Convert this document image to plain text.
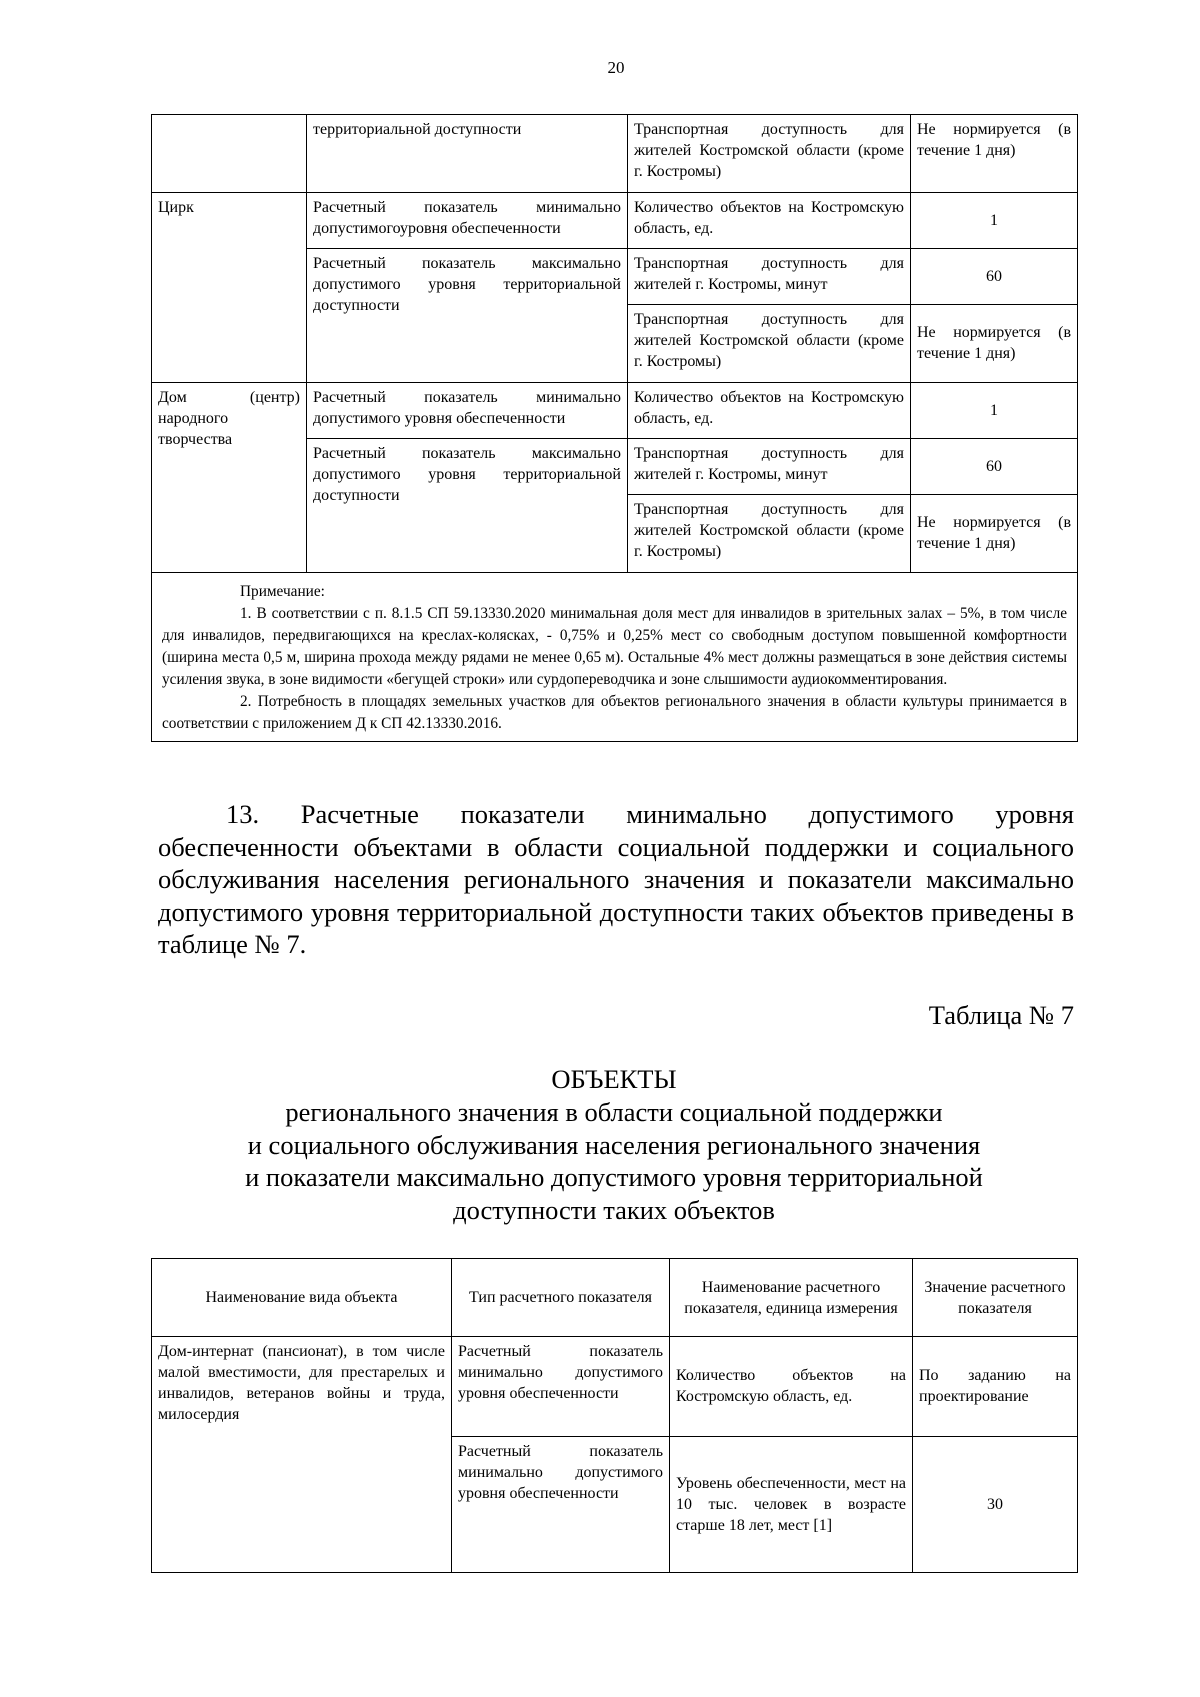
20
	территориальной доступности	Транспортная доступность для жителей Костромской области (кроме г. Костромы)	Не нормируется (в течение 1 дня)
Цирк	Расчетный показатель минимально допустимогоуровня обеспеченности	Количество объектов на Костромскую область, ед.	1
	Расчетный показатель максимально допустимого уровня территориальной доступности	Транспортная доступность для жителей г. Костромы, минут	60
		Транспортная доступность для жителей Костромской области (кроме г. Костромы)	Не нормируется (в течение 1 дня)
Дом (центр) народного творчества	Расчетный показатель минимально допустимого уровня обеспеченности	Количество объектов на Костромскую область, ед.	1
	Расчетный показатель максимально допустимого уровня территориальной доступности	Транспортная доступность для жителей г. Костромы, минут	60
		Транспортная доступность для жителей Костромской области (кроме г. Костромы)	Не нормируется (в течение 1 дня)

Примечание:

1. В соответствии с п. 8.1.5 СП 59.13330.2020 минимальная доля мест для инвалидов в зрительных залах – 5%, в том числе для инвалидов, передвигающихся на креслах-колясках, - 0,75% и 0,25% мест со свободным доступом повышенной комфортности (ширина места 0,5 м, ширина прохода между рядами не менее 0,65 м). Остальные 4% мест должны размещаться в зоне действия системы усиления звука, в зоне видимости «бегущей строки» или сурдопереводчика и зоне слышимости аудиокомментирования.

2. Потребность в площадях земельных участков для объектов регионального значения в области культуры принимается в соответствии с приложением Д к СП 42.13330.2016.			

13. Расчетные показатели минимально допустимого уровня обеспеченности объектами в области социальной поддержки и социального обслуживания населения регионального значения и показатели максимально допустимого уровня территориальной доступности таких объектов приведены в таблице № 7.

Таблица № 7
ОБЪЕКТЫ
регионального значения в области социальной поддержки
и социального обслуживания населения регионального значения
и показатели максимально допустимого уровня территориальной
доступности таких объектов
Наименование вида объекта	Тип расчетного показателя	Наименование расчетного показателя, единица измерения	Значение расчетного показателя
Дом-интернат (пансионат), в том числе малой вместимости, для престарелых и инвалидов, ветеранов войны и труда, милосердия	Расчетный показатель минимально допустимого уровня обеспеченности	Количество объектов на Костромскую область, ед.	По заданию на проектирование
	Расчетный показатель минимально допустимого уровня обеспеченности	Уровень обеспеченности, мест на 10 тыс. человек в возрасте старше 18 лет, мест [1]	30
